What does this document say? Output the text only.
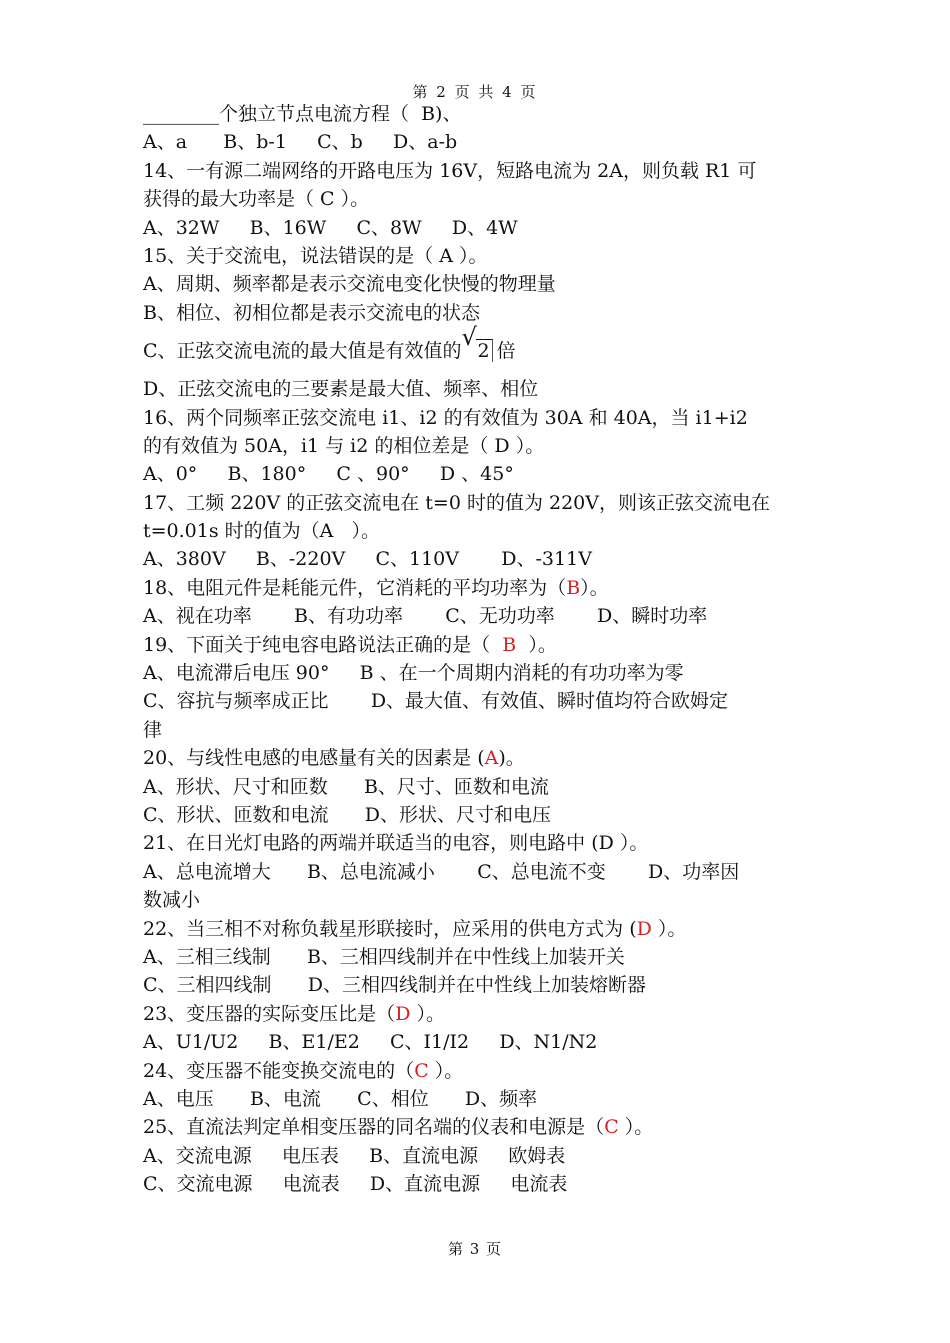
第 2 页 共 4 页
________个独立节点电流方程（  B)、
A、a      B、b-1     C、b     D、a-b
14、一有源二端网络的开路电压为 16V，短路电流为 2A，则负载 R1 可
获得的最大功率是（ C ）。
A、32W     B、16W     C、8W     D、4W
15、关于交流电，说法错误的是（ A ）。
A、周期、频率都是表示交流电变化快慢的物理量
B、相位、初相位都是表示交流电的状态
C、正弦交流电流的最大值是有效值的 √ 2 倍
D、正弦交流电的三要素是最大值、频率、相位
16、两个同频率正弦交流电 i1、i2 的有效值为 30A 和 40A，当 i1+i2
的有效值为 50A，i1 与 i2 的相位差是（ D ）。
A、0°     B、180°     C 、90°     D 、45°
17、工频 220V 的正弦交流电在 t=0 时的值为 220V，则该正弦交流电在
t=0.01s 时的值为（A   ）。
A、380V     B、-220V     C、110V       D、-311V
18、电阻元件是耗能元件，它消耗的平均功率为（B）。
A、视在功率       B、有功功率       C、无功功率       D、瞬时功率
19、下面关于纯电容电路说法正确的是（  B  ）。
A、电流滞后电压 90°     B 、在一个周期内消耗的有功功率为零
C、容抗与频率成正比       D、最大值、有效值、瞬时值均符合欧姆定
律
20、与线性电感的电感量有关的因素是 (A)。
A、形状、尺寸和匝数      B、尺寸、匝数和电流
C、形状、匝数和电流      D、形状、尺寸和电压
21、在日光灯电路的两端并联适当的电容，则电路中 (D ）。
A、总电流增大      B、总电流减小       C、总电流不变       D、功率因
数减小
22、当三相不对称负载星形联接时，应采用的供电方式为 (D ）。
A、三相三线制      B、三相四线制并在中性线上加装开关
C、三相四线制      D、三相四线制并在中性线上加装熔断器
23、变压器的实际变压比是（D ）。
A、U1/U2     B、E1/E2     C、I1/I2     D、N1/N2
24、变压器不能变换交流电的（C ）。
A、电压      B、电流      C、相位      D、频率
25、直流法判定单相变压器的同名端的仪表和电源是（C ）。
A、交流电源     电压表     B、直流电源     欧姆表
C、交流电源     电流表     D、直流电源     电流表
第 3 页
